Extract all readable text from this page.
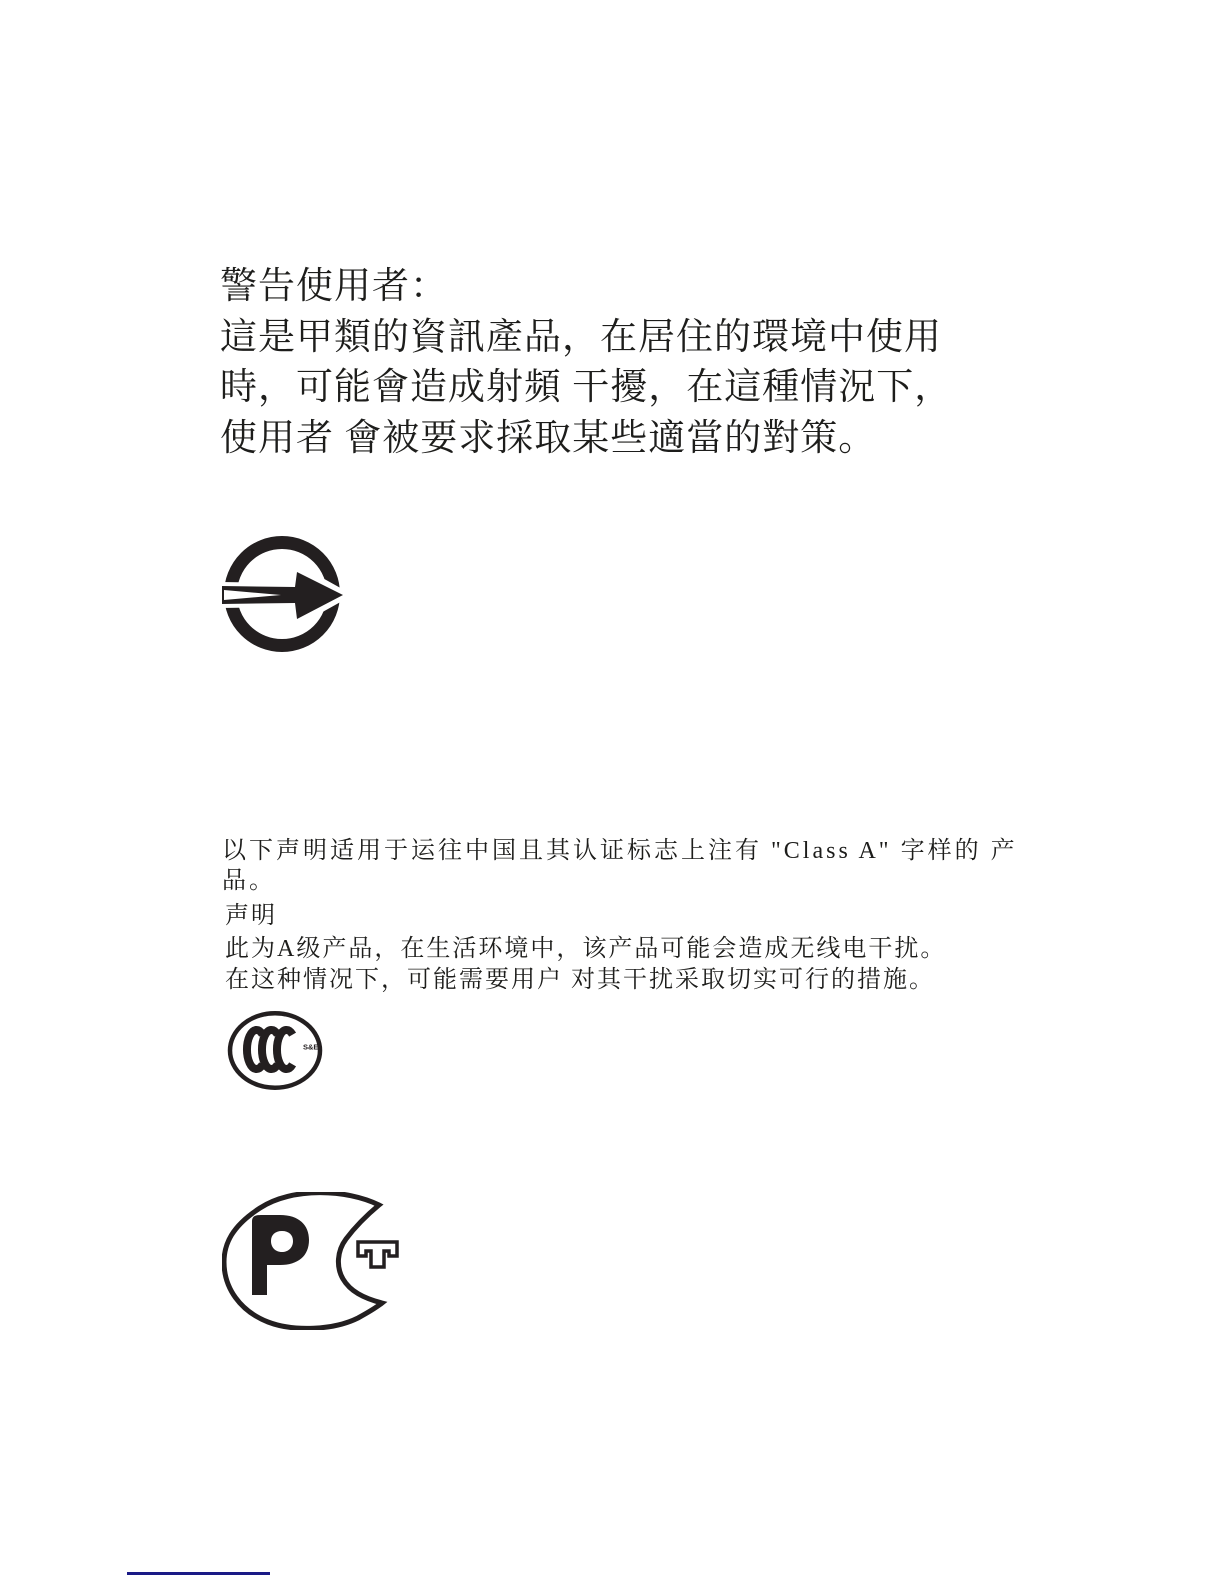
警告使用者：
這是甲類的資訊產品，在居住的環境中使用
時，可能會造成射頻 干擾，在這種情況下，
使用者 會被要求採取某些適當的對策。
以下声明适用于运往中国且其认证标志上注有 "Class A" 字样的 产品。
声明
此为A级产品，在生活环境中，该产品可能会造成无线电干扰。
在这种情况下，可能需要用户 对其干扰采取切实可行的措施。
S&E
